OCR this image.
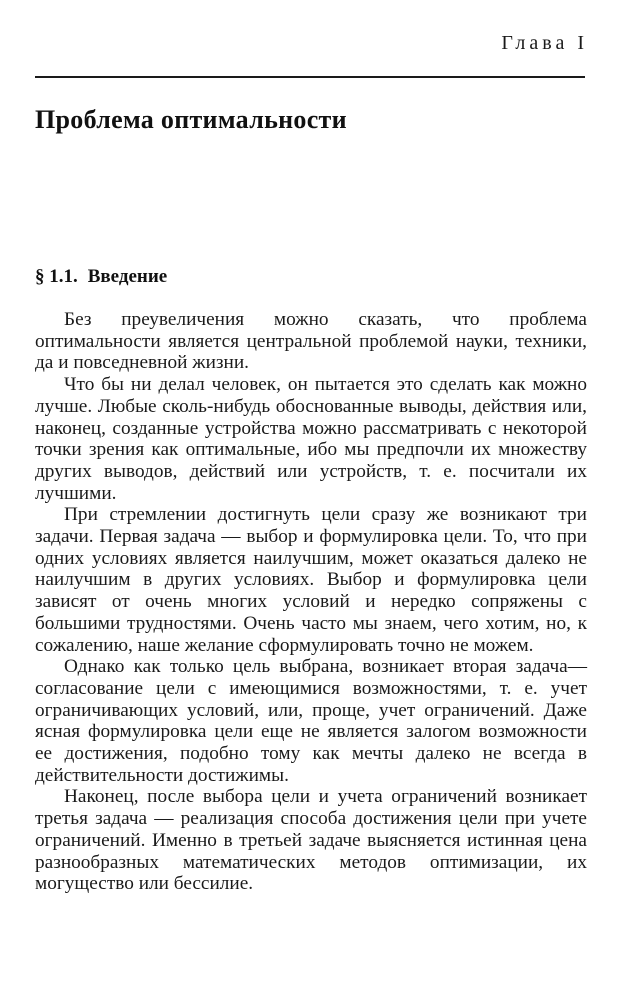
Глава I
Проблема оптимальности
§ 1.1. Введение

Без преувеличения можно сказать, что проблема оптимальности является центральной проблемой науки, техники, да и повседневной жизни.

Что бы ни делал человек, он пытается это сделать как можно лучше. Любые сколь-нибудь обоснованные выводы, действия или, наконец, созданные устройства можно рассматривать с некоторой точки зрения как оптимальные, ибо мы предпочли их множеству других выводов, действий или устройств, т. е. посчитали их лучшими.

При стремлении достигнуть цели сразу же возникают три задачи. Первая задача — выбор и формулировка цели. То, что при одних условиях является наилучшим, может оказаться далеко не наилучшим в других условиях. Выбор и формулировка цели зависят от очень многих условий и нередко сопряжены с большими трудностями. Очень часто мы знаем, чего хотим, но, к сожалению, наше желание сформулировать точно не можем.

Однако как только цель выбрана, возникает вторая задача—согласование цели с имеющимися возможностями, т. е. учет ограничивающих условий, или, проще, учет ограничений. Даже ясная формулировка цели еще не является залогом возможности ее достижения, подобно тому как мечты далеко не всегда в действительности достижимы.

Наконец, после выбора цели и учета ограничений возникает третья задача — реализация способа достижения цели при учете ограничений. Именно в третьей задаче выясняется истинная цена разнообразных математических методов оптимизации, их могущество или бессилие.
